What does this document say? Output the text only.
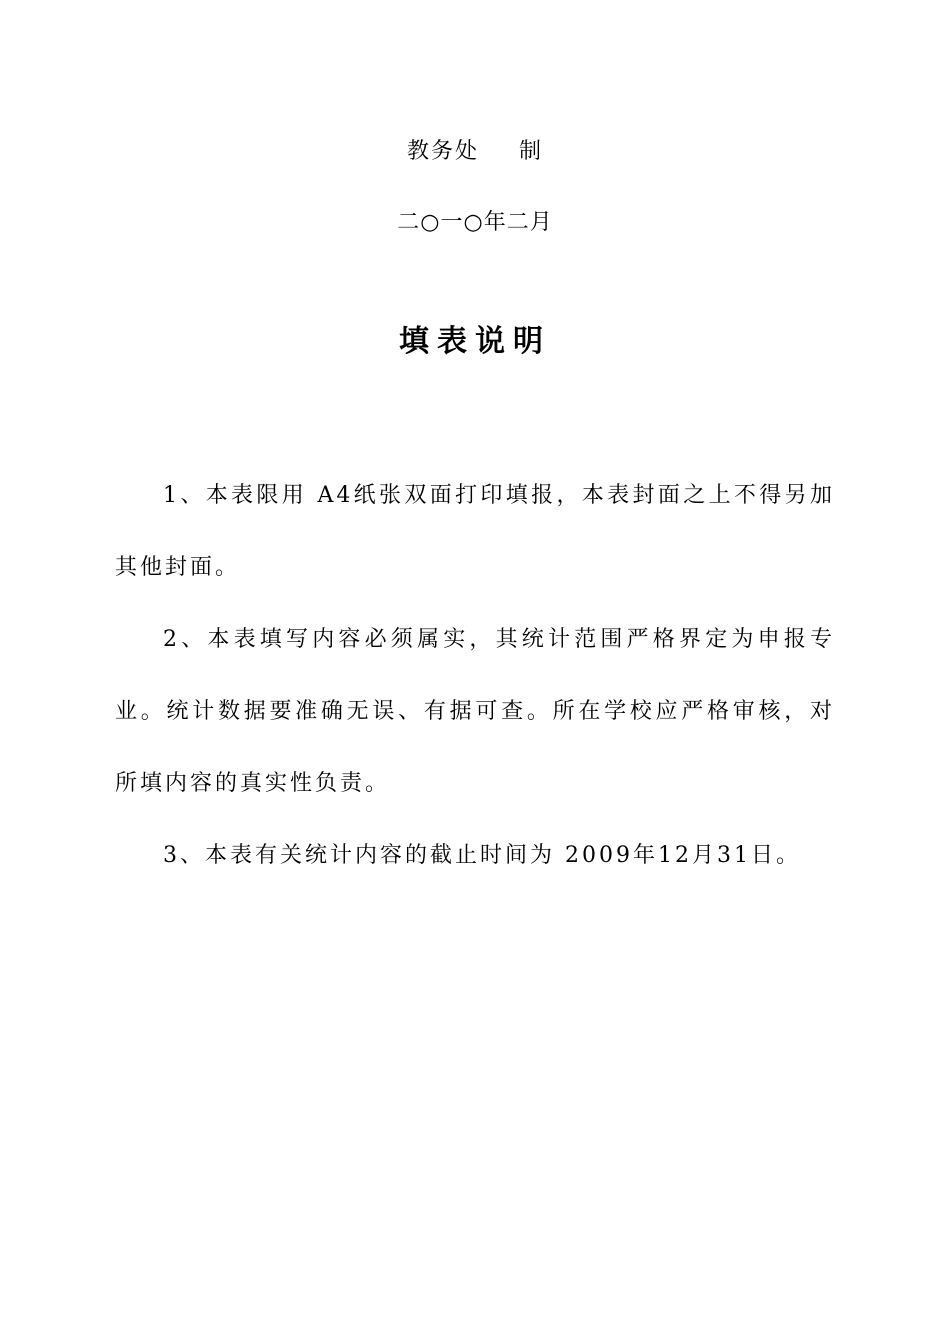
教务处 制
二○一○年二月
填表说明

1、本表限用 A4纸张双面打印填报，本表封面之上不得另加其他封面。

2、本表填写内容必须属实，其统计范围严格界定为申报专业。统计数据要准确无误、有据可查。所在学校应严格审核，对所填内容的真实性负责。

3、本表有关统计内容的截止时间为 2009年12月31日。
